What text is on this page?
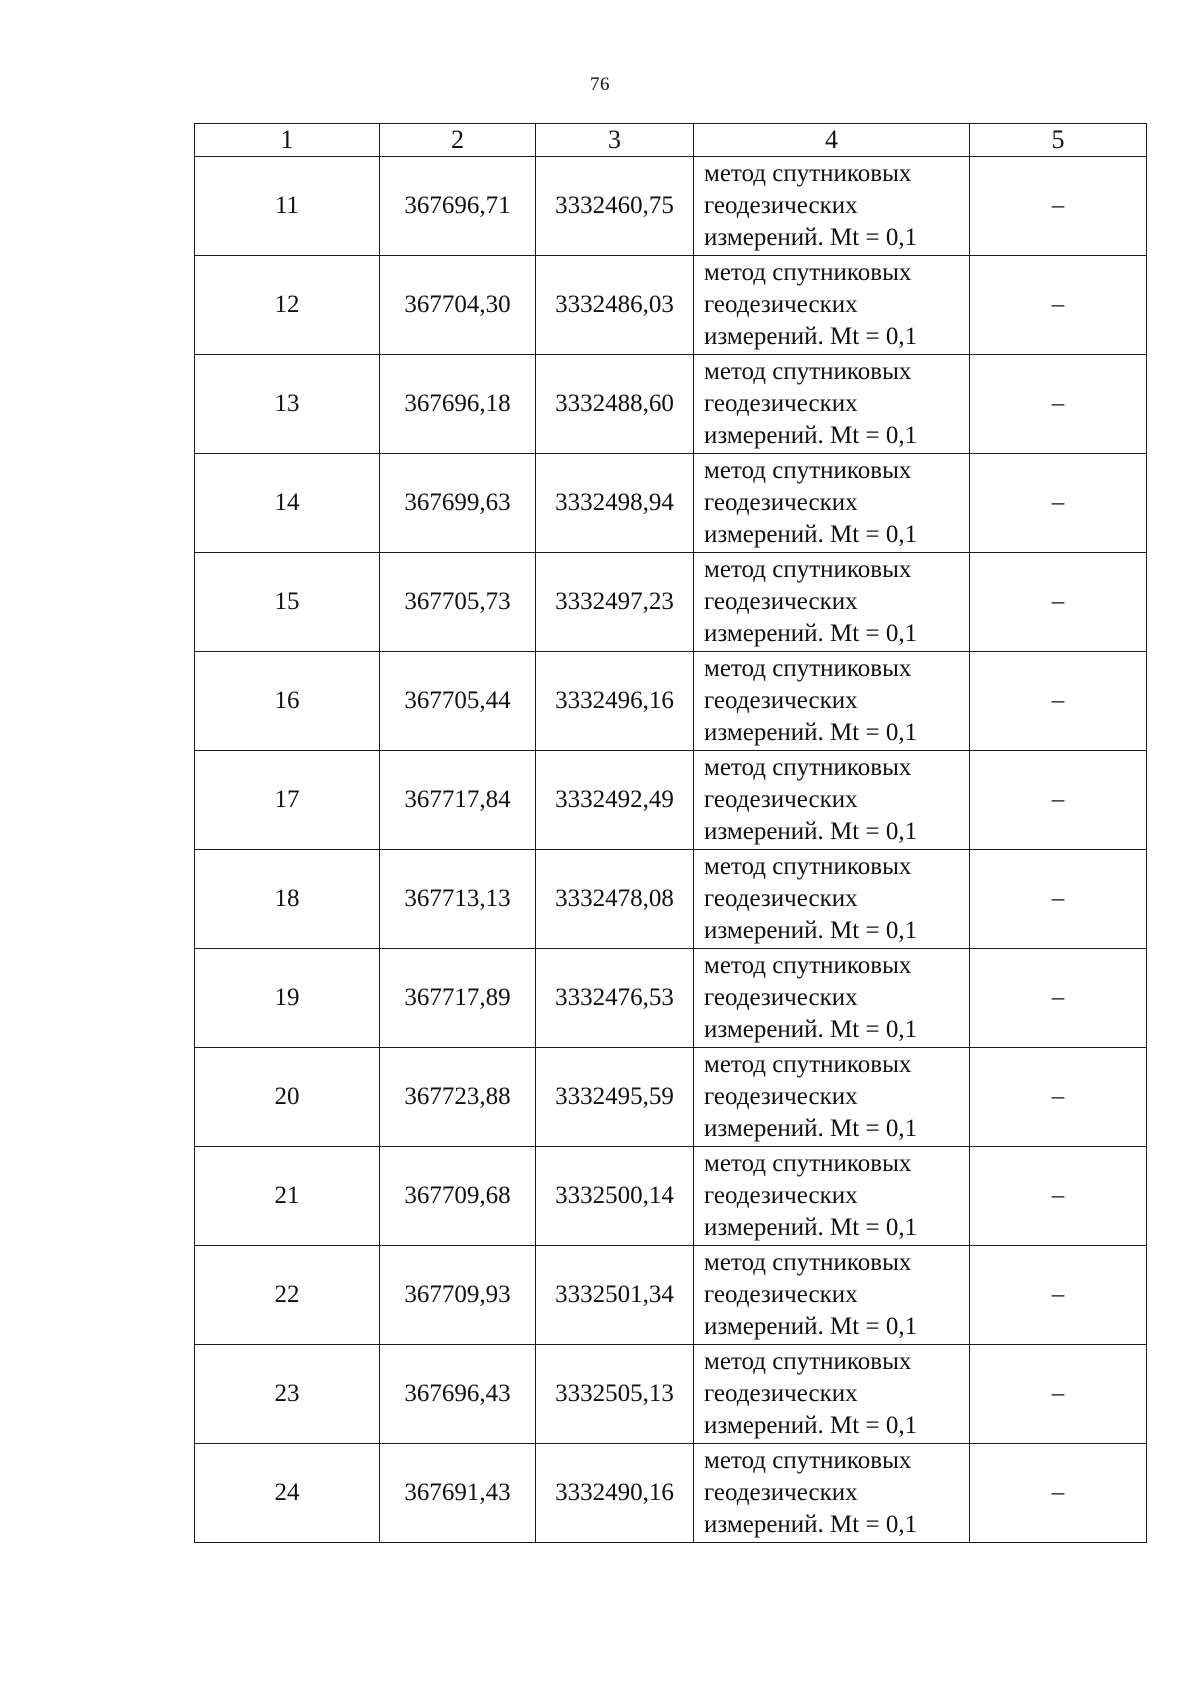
76
1	2	3	4	5
11	367696,71	3332460,75	метод спутниковых
геодезических
измерений. Mt = 0,1	–
12	367704,30	3332486,03	метод спутниковых
геодезических
измерений. Mt = 0,1	–
13	367696,18	3332488,60	метод спутниковых
геодезических
измерений. Mt = 0,1	–
14	367699,63	3332498,94	метод спутниковых
геодезических
измерений. Mt = 0,1	–
15	367705,73	3332497,23	метод спутниковых
геодезических
измерений. Mt = 0,1	–
16	367705,44	3332496,16	метод спутниковых
геодезических
измерений. Mt = 0,1	–
17	367717,84	3332492,49	метод спутниковых
геодезических
измерений. Mt = 0,1	–
18	367713,13	3332478,08	метод спутниковых
геодезических
измерений. Mt = 0,1	–
19	367717,89	3332476,53	метод спутниковых
геодезических
измерений. Mt = 0,1	–
20	367723,88	3332495,59	метод спутниковых
геодезических
измерений. Mt = 0,1	–
21	367709,68	3332500,14	метод спутниковых
геодезических
измерений. Mt = 0,1	–
22	367709,93	3332501,34	метод спутниковых
геодезических
измерений. Mt = 0,1	–
23	367696,43	3332505,13	метод спутниковых
геодезических
измерений. Mt = 0,1	–
24	367691,43	3332490,16	метод спутниковых
геодезических
измерений. Mt = 0,1	–
